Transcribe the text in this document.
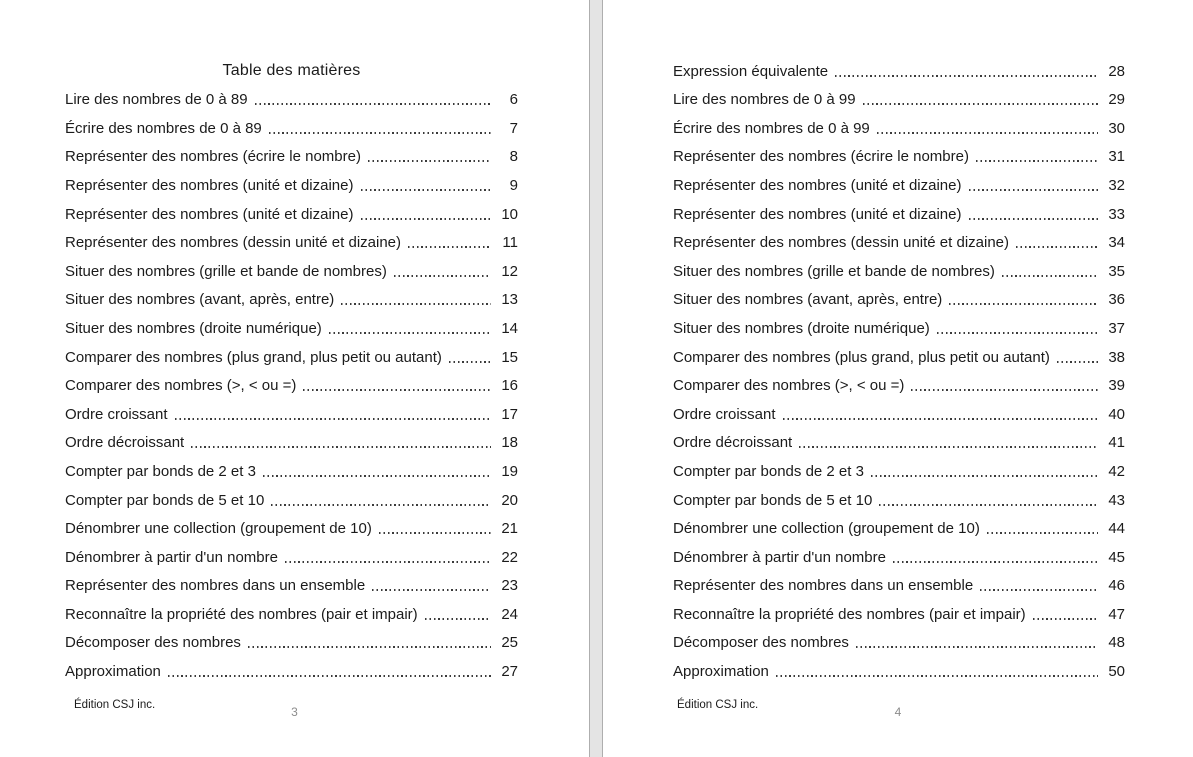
Table des matières
Lire des nombres de 0 à 89	6
Écrire des nombres de 0 à 89	7
Représenter des nombres (écrire le nombre)	8
Représenter des nombres (unité et dizaine)	9
Représenter des nombres (unité et dizaine)	10
Représenter des nombres (dessin unité et dizaine)	11
Situer des nombres (grille et bande de nombres)	12
Situer des nombres (avant, après, entre)	13
Situer des nombres (droite numérique)	14
Comparer des nombres (plus grand, plus petit ou autant)	15
Comparer des nombres (>, < ou =)	16
Ordre croissant	17
Ordre décroissant	18
Compter par bonds de 2 et 3	19
Compter par bonds de 5 et 10	20
Dénombrer une collection (groupement de 10)	21
Dénombrer à partir d'un nombre	22
Représenter des nombres dans un ensemble	23
Reconnaître la propriété des nombres (pair et impair)	24
Décomposer des nombres	25
Approximation	27
Édition CSJ inc.	3
Expression équivalente	28
Lire des nombres de 0 à 99	29
Écrire des nombres de 0 à 99	30
Représenter des nombres (écrire le nombre)	31
Représenter des nombres (unité et dizaine)	32
Représenter des nombres (unité et dizaine)	33
Représenter des nombres (dessin unité et dizaine)	34
Situer des nombres (grille et bande de nombres)	35
Situer des nombres (avant, après, entre)	36
Situer des nombres (droite numérique)	37
Comparer des nombres (plus grand, plus petit ou autant)	38
Comparer des nombres (>, < ou =)	39
Ordre croissant	40
Ordre décroissant	41
Compter par bonds de 2 et 3	42
Compter par bonds de 5 et 10	43
Dénombrer une collection (groupement de 10)	44
Dénombrer à partir d'un nombre	45
Représenter des nombres dans un ensemble	46
Reconnaître la propriété des nombres (pair et impair)	47
Décomposer des nombres	48
Approximation	50
Édition CSJ inc.	4
